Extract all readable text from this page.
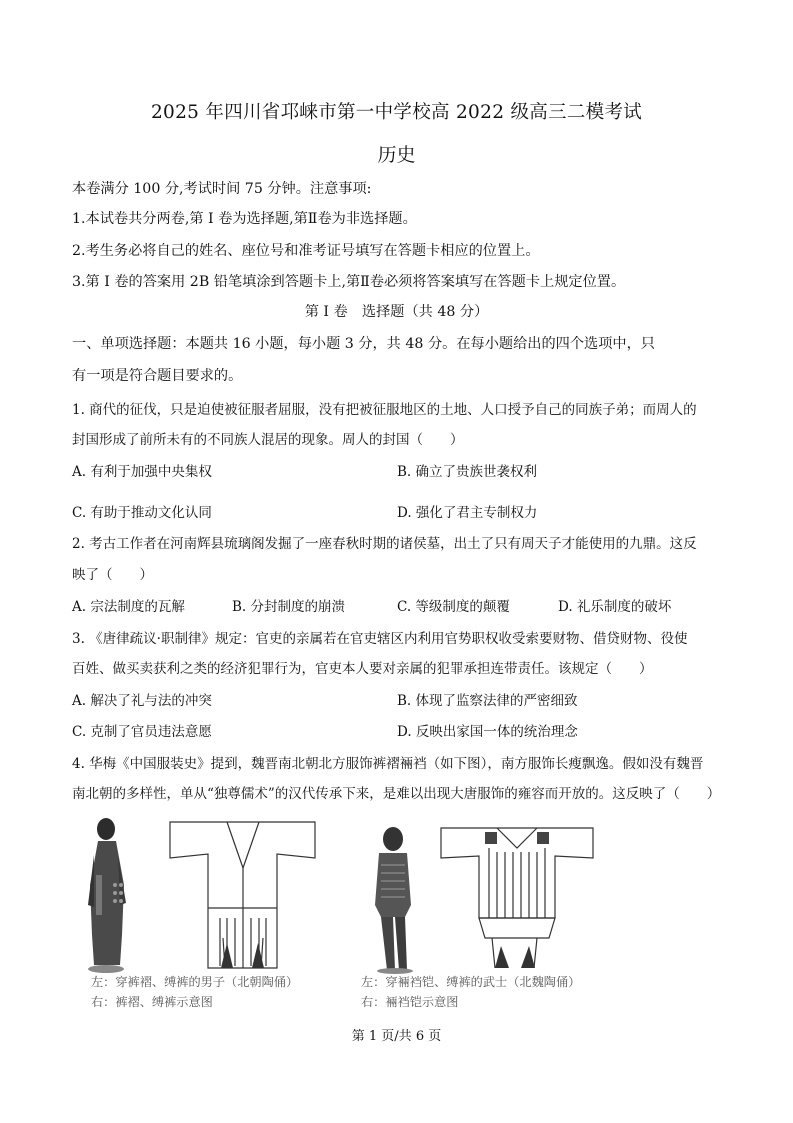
2025 年四川省邛崃市第一中学校高 2022 级高三二模考试
历史
本卷满分 100 分,考试时间 75 分钟。注意事项:
1.本试卷共分两卷,第 I 卷为选择题,第Ⅱ卷为非选择题。
2.考生务必将自己的姓名、座位号和准考证号填写在答题卡相应的位置上。
3.第 I 卷的答案用 2B 铅笔填涂到答题卡上,第Ⅱ卷必须将答案填写在答题卡上规定位置。
第 I 卷　选择题（共 48 分）
一、单项选择题：本题共 16 小题，每小题 3 分，共 48 分。在每小题给出的四个选项中，只
有一项是符合题目要求的。
1. 商代的征伐，只是迫使被征服者屈服，没有把被征服地区的土地、人口授予自己的同族子弟；而周人的
封国形成了前所未有的不同族人混居的现象。周人的封国（　　）
A. 有利于加强中央集权	B. 确立了贵族世袭权利
C. 有助于推动文化认同	D. 强化了君主专制权力
2. 考古工作者在河南辉县琉璃阁发掘了一座春秋时期的诸侯墓，出土了只有周天子才能使用的九鼎。这反
映了（　　）
A. 宗法制度的瓦解	B. 分封制度的崩溃	C. 等级制度的颠覆	D. 礼乐制度的破坏
3. 《唐律疏议·职制律》规定：官吏的亲属若在官吏辖区内利用官势职权收受索要财物、借贷财物、役使
百姓、做买卖获利之类的经济犯罪行为，官吏本人要对亲属的犯罪承担连带责任。该规定（　　）
A. 解决了礼与法的冲突	B. 体现了监察法律的严密细致
C. 克制了官员违法意愿	D. 反映出家国一体的统治理念
4. 华梅《中国服装史》提到，魏晋南北朝北方服饰裤褶裲裆（如下图），南方服饰长瘦飘逸。假如没有魏晋
南北朝的多样性，单从“独尊儒术”的汉代传承下来，是难以出现大唐服饰的雍容而开放的。这反映了（　　）
左：穿裤褶、缚裤的男子（北朝陶俑）
右：裤褶、缚裤示意图
左：穿裲裆铠、缚裤的武士（北魏陶俑）
右：裲裆铠示意图
第 1 页/共 6 页
